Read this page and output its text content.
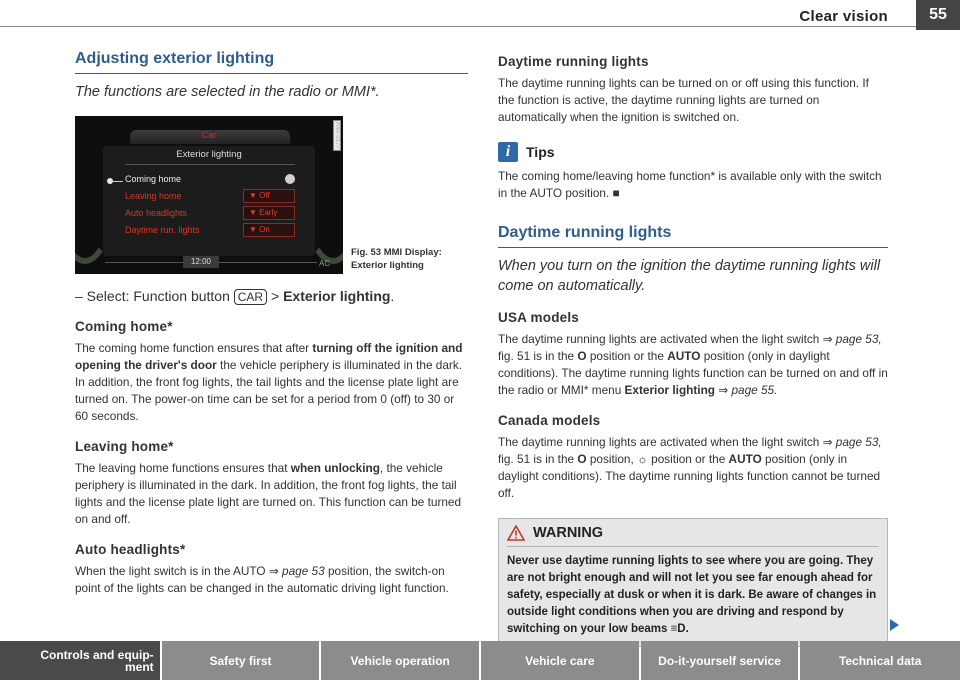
Clear vision	55
Adjusting exterior lighting
The functions are selected in the radio or MMI*.
Car
Exterior lighting
Coming home
Leaving home
Auto headlights
Daytime run. lights
▼ Off
▼ Early
▼ On
12:00	AC
A4A-0177
Fig. 53 MMI Display:
Exterior lighting
– Select: Function button CAR > Exterior lighting.
Coming home*
The coming home function ensures that after turning off the ignition and opening the driver's door the vehicle periphery is illuminated in the dark. In addition, the front fog lights, the tail lights and the license plate light are turned on. The power-on time can be set for a period from 0 (off) to 30 or 60 seconds.
Leaving home*
The leaving home functions ensures that when unlocking, the vehicle periphery is illuminated in the dark. In addition, the front fog lights, the tail lights and the license plate light are turned on. This function can be turned on and off.
Auto headlights*
When the light switch is in the AUTO ⇒ page 53 position, the switch-on point of the lights can be changed in the automatic driving light function.
Daytime running lights
The daytime running lights can be turned on or off using this function. If the function is active, the daytime running lights are turned on automatically when the ignition is switched on.
i	Tips
The coming home/leaving home function* is available only with the switch in the AUTO position. ■
Daytime running lights
When you turn on the ignition the daytime running lights will come on automatically.
USA models
The daytime running lights are activated when the light switch ⇒ page 53, fig. 51 is in the O position or the AUTO position (only in daylight conditions). The daytime running lights function can be turned on and off in the radio or MMI* menu Exterior lighting ⇒ page 55.
Canada models
The daytime running lights are activated when the light switch ⇒ page 53, fig. 51 is in the O position, ☼ position or the AUTO position (only in daylight conditions). The daytime running lights function cannot be turned off.
WARNING
Never use daytime running lights to see where you are going. They are not bright enough and will not let you see far enough ahead for safety, especially at dusk or when it is dark. Be aware of changes in outside light conditions when you are driving and respond by switching on your low beams ≡D.
Controls and equip-
ment	Safety first	Vehicle operation	Vehicle care	Do-it-yourself service	Technical data
